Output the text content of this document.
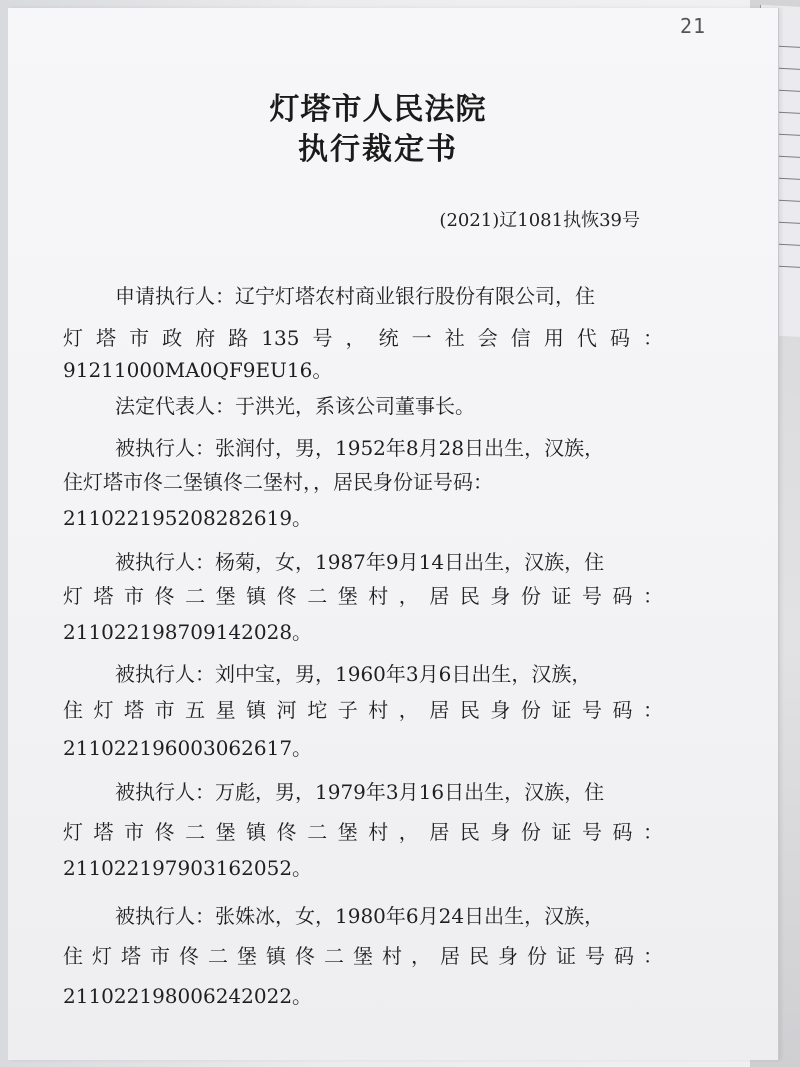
21
灯塔市人民法院
执行裁定书
(2021)辽1081执恢39号
申请执行人：辽宁灯塔农村商业银行股份有限公司，住
灯塔市政府路135号，统一社会信用代码：
91211000MA0QF9EU16。
法定代表人：于洪光，系该公司董事长。
被执行人：张润付，男，1952年8月28日出生，汉族，
住灯塔市佟二堡镇佟二堡村，，居民身份证号码：
211022195208282619。
被执行人：杨菊，女，1987年9月14日出生，汉族，住
灯塔市佟二堡镇佟二堡村，居民身份证号码：
211022198709142028。
被执行人：刘中宝，男，1960年3月6日出生，汉族，
住灯塔市五星镇河坨子村，居民身份证号码：
211022196003062617。
被执行人：万彪，男，1979年3月16日出生，汉族，住
灯塔市佟二堡镇佟二堡村，居民身份证号码：
211022197903162052。
被执行人：张姝冰，女，1980年6月24日出生，汉族，
住灯塔市佟二堡镇佟二堡村，居民身份证号码：
211022198006242022。
